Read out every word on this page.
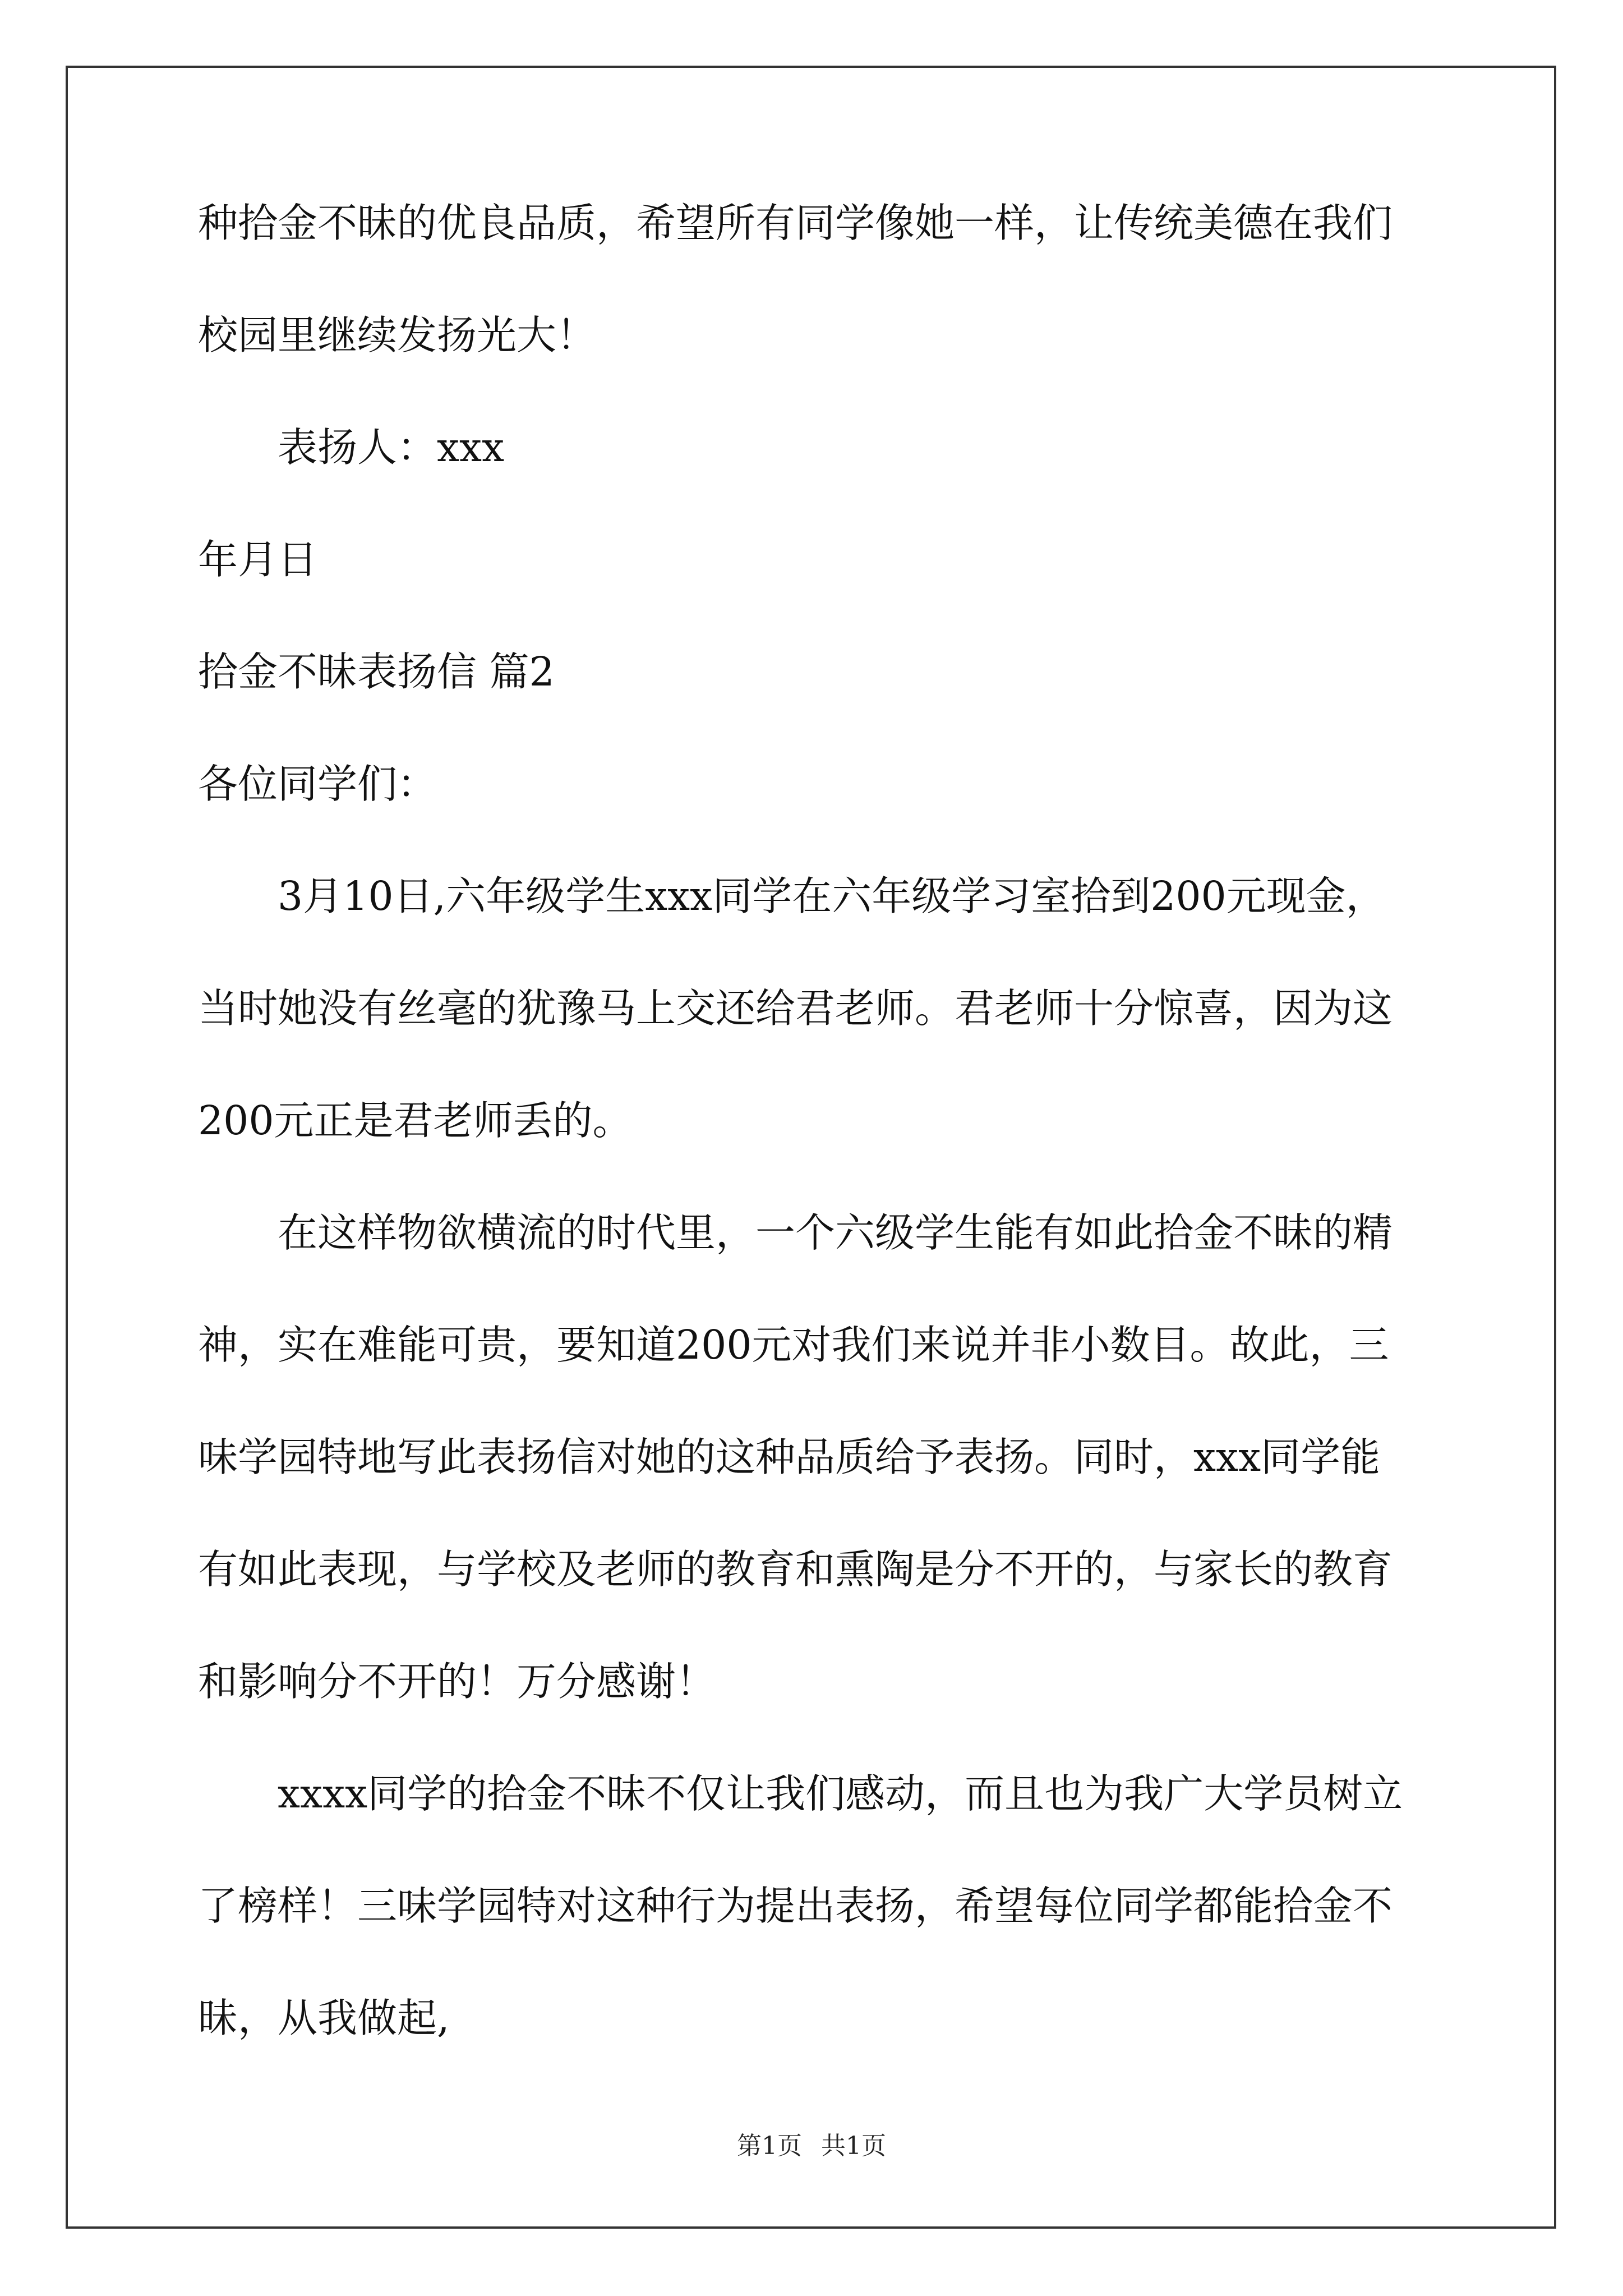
种拾金不昧的优良品质，希望所有同学像她一样，让传统美德在我们
校园里继续发扬光大！
表扬人：xxx
年月日
拾金不昧表扬信 篇2
各位同学们：
3月10日,六年级学生xxx同学在六年级学习室拾到200元现金，
当时她没有丝毫的犹豫马上交还给君老师。君老师十分惊喜，因为这
200元正是君老师丢的。
在这样物欲横流的时代里，一个六级学生能有如此拾金不昧的精
神，实在难能可贵，要知道200元对我们来说并非小数目。故此，三
味学园特地写此表扬信对她的这种品质给予表扬。同时，xxx同学能
有如此表现，与学校及老师的教育和熏陶是分不开的，与家长的教育
和影响分不开的！万分感谢！
xxxx同学的拾金不昧不仅让我们感动，而且也为我广大学员树立
了榜样！三味学园特对这种行为提出表扬，希望每位同学都能拾金不
昧，从我做起,
第1页 共1页
